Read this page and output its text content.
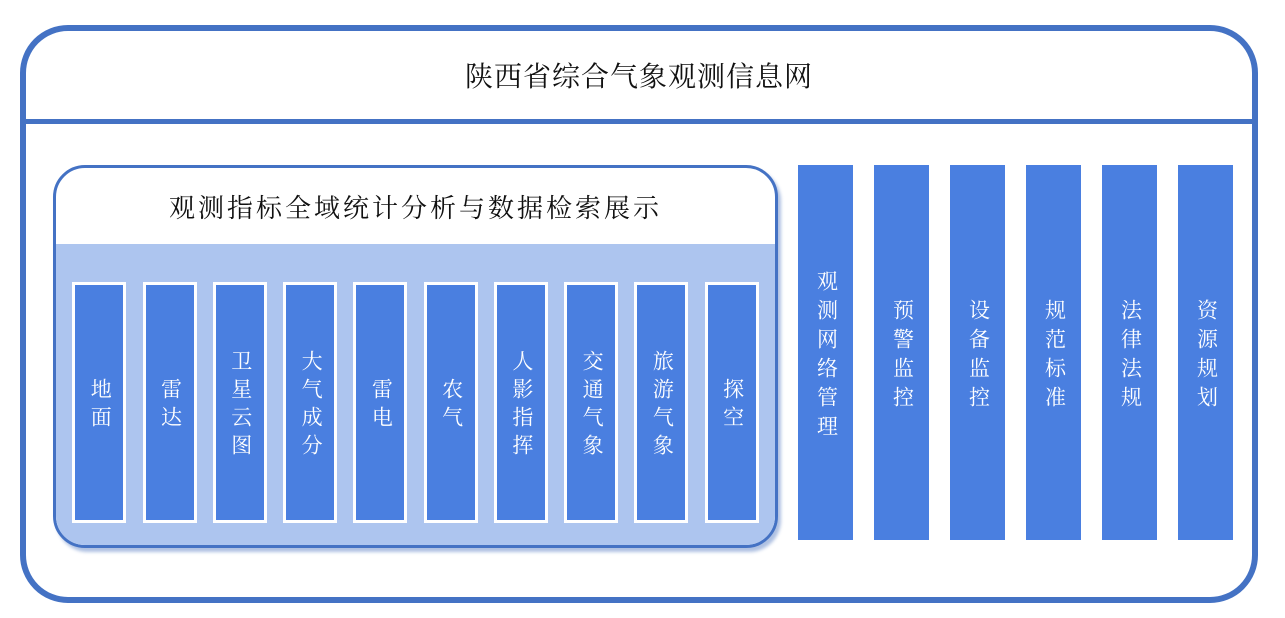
陕西省综合气象观测信息网
观测指标全域统计分析与数据检索展示
地面	雷达	卫星云图	大气成分	雷电	农气	人影指挥	交通气象	旅游气象	探空	观测网络管理	预警监控	设备监控	规范标准	法律法规	资源规划
